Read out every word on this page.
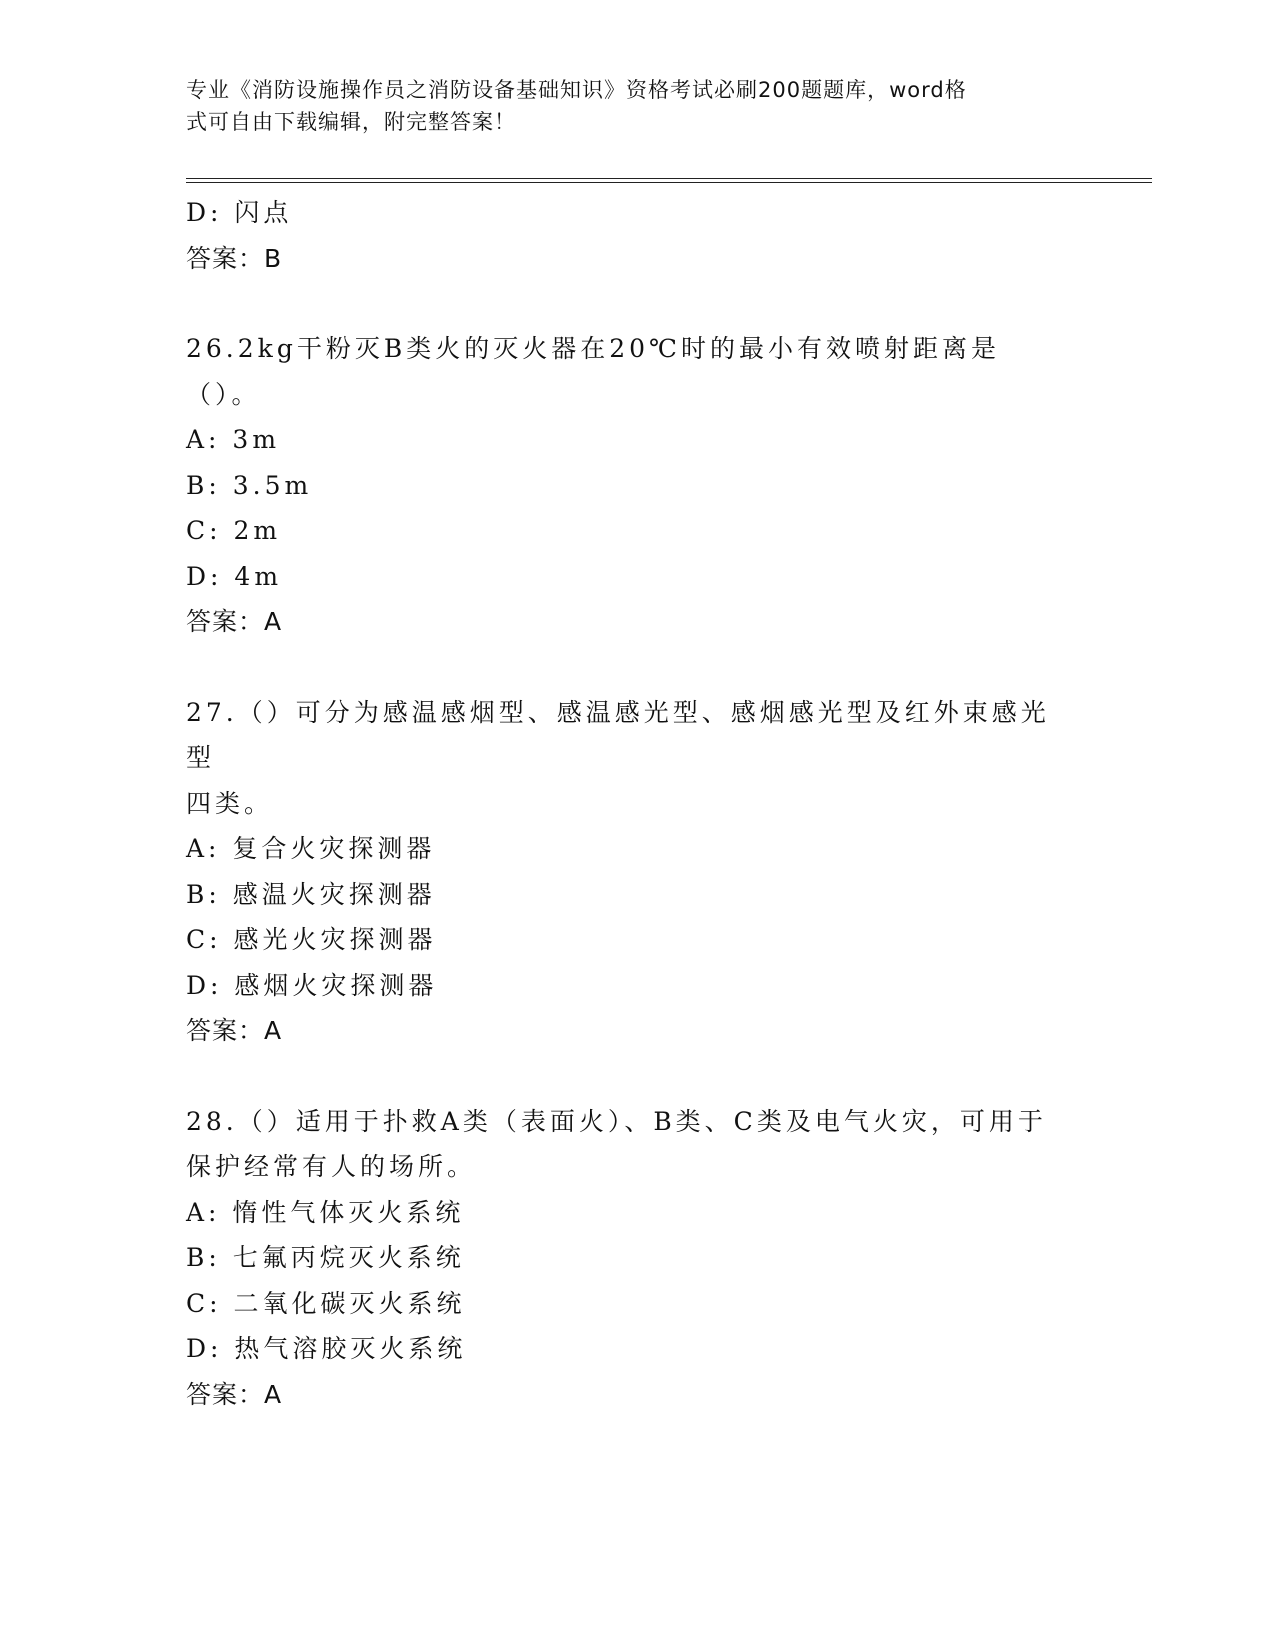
专业《消防设施操作员之消防设备基础知识》资格考试必刷200题题库，word格
式可自由下载编辑，附完整答案！
D: 闪点
答案：B
26.2kg干粉灭B类火的灭火器在20℃时的最小有效喷射距离是（）。
A: 3m
B: 3.5m
C: 2m
D: 4m
答案：A
27.（）可分为感温感烟型、感温感光型、感烟感光型及红外束感光型
四类。
A: 复合火灾探测器
B: 感温火灾探测器
C: 感光火灾探测器
D: 感烟火灾探测器
答案：A
28.（）适用于扑救A类（表面火）、B类、C类及电气火灾，可用于
保护经常有人的场所。
A: 惰性气体灭火系统
B: 七氟丙烷灭火系统
C: 二氧化碳灭火系统
D: 热气溶胶灭火系统
答案：A
